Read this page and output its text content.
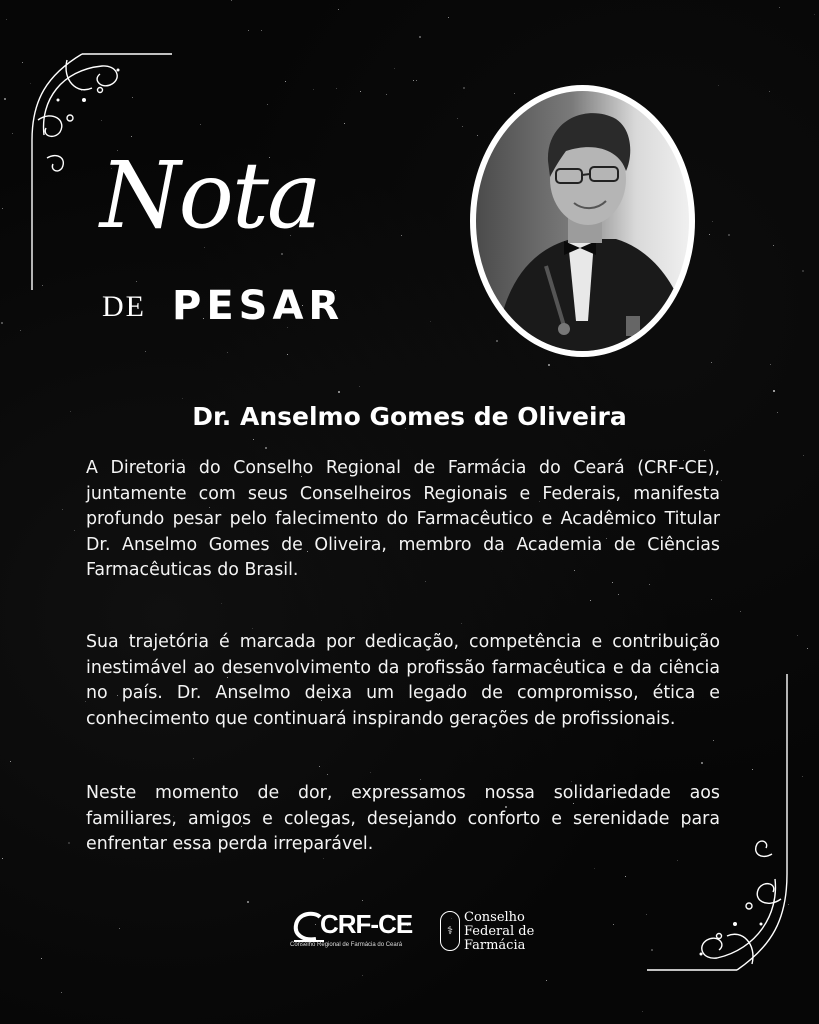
Nota
DE PESAR
Dr. Anselmo Gomes de Oliveira

A Diretoria do Conselho Regional de Farmácia do Ceará (CRF-CE), juntamente com seus Conselheiros Regionais e Federais, manifesta profundo pesar pelo falecimento do Farmacêutico e Acadêmico Titular Dr. Anselmo Gomes de Oliveira, membro da Academia de Ciências Farmacêuticas do Brasil.

Sua trajetória é marcada por dedicação, competência e contribuição inestimável ao desenvolvimento da profissão farmacêutica e da ciência no país. Dr. Anselmo deixa um legado de compromisso, ética e conhecimento que continuará inspirando gerações de profissionais.

Neste momento de dor, expressamos nossa solidariedade aos familiares, amigos e colegas, desejando conforto e serenidade para enfrentar essa perda irreparável.

CRF-CE
Conselho Regional de Farmácia do Ceará
⚕
Conselho
Federal de
Farmácia
